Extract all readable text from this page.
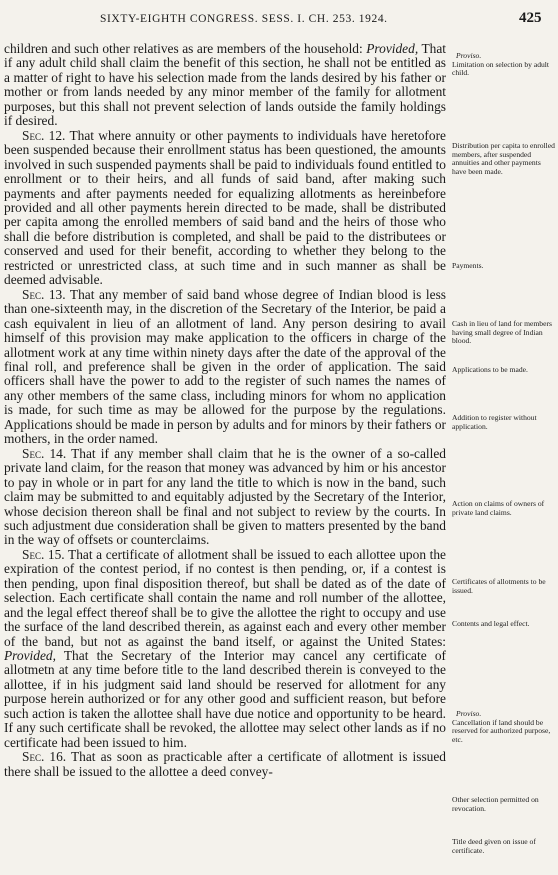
SIXTY-EIGHTH CONGRESS. SESS. I. CH. 253. 1924.	425

children and such other relatives as are members of the household: Provided, That if any adult child shall claim the benefit of this section, he shall not be entitled as a matter of right to have his selection made from the lands desired by his father or mother or from lands needed by any minor member of the family for allotment purposes, but this shall not prevent selection of lands outside the family holdings if desired.

Sec. 12. That where annuity or other payments to individuals have heretofore been suspended because their enrollment status has been questioned, the amounts involved in such suspended payments shall be paid to individuals found entitled to enrollment or to their heirs, and all funds of said band, after making such payments and after payments needed for equalizing allotments as hereinbefore provided and all other payments herein directed to be made, shall be distributed per capita among the enrolled members of said band and the heirs of those who shall die before distribution is completed, and shall be paid to the distributees or conserved and used for their benefit, according to whether they belong to the restricted or unrestricted class, at such time and in such manner as shall be deemed advisable.

Sec. 13. That any member of said band whose degree of Indian blood is less than one-sixteenth may, in the discretion of the Secretary of the Interior, be paid a cash equivalent in lieu of an allotment of land. Any person desiring to avail himself of this provision may make application to the officers in charge of the allotment work at any time within ninety days after the date of the approval of the final roll, and preference shall be given in the order of application. The said officers shall have the power to add to the register of such names the names of any other members of the same class, including minors for whom no application is made, for such time as may be allowed for the purpose by the regulations. Applications should be made in person by adults and for minors by their fathers or mothers, in the order named.

Sec. 14. That if any member shall claim that he is the owner of a so-called private land claim, for the reason that money was advanced by him or his ancestor to pay in whole or in part for any land the title to which is now in the band, such claim may be submitted to and equitably adjusted by the Secretary of the Interior, whose decision thereon shall be final and not subject to review by the courts. In such adjustment due consideration shall be given to matters presented by the band in the way of offsets or counterclaims.

Sec. 15. That a certificate of allotment shall be issued to each allottee upon the expiration of the contest period, if no contest is then pending, or, if a contest is then pending, upon final disposition thereof, but shall be dated as of the date of selection. Each certificate shall contain the name and roll number of the allottee, and the legal effect thereof shall be to give the allottee the right to occupy and use the surface of the land described therein, as against each and every other member of the band, but not as against the band itself, or against the United States: Provided, That the Secretary of the Interior may cancel any certificate of allotmetn at any time before title to the land described therein is conveyed to the allottee, if in his judgment said land should be reserved for allotment for any purpose herein authorized or for any other good and sufficient reason, but before such action is taken the allottee shall have due notice and opportunity to be heard. If any such certificate shall be revoked, the allottee may select other lands as if no certificate had been issued to him.

Sec. 16. That as soon as practicable after a certificate of allotment is issued there shall be issued to the allottee a deed convey-

Proviso.
Limitation on selection by adult child.
Distribution per capita to enrolled members, after suspended annuities and other payments have been made.
Payments.
Cash in lieu of land for members having small degree of Indian blood.
Applications to be made.
Addition to register without application.
Action on claims of owners of private land claims.
Certificates of allotments to be issued.
Contents and legal effect.
Proviso.
Cancellation if land should be reserved for authorized purpose, etc.
Other selection permitted on revocation.
Title deed given on issue of certificate.
